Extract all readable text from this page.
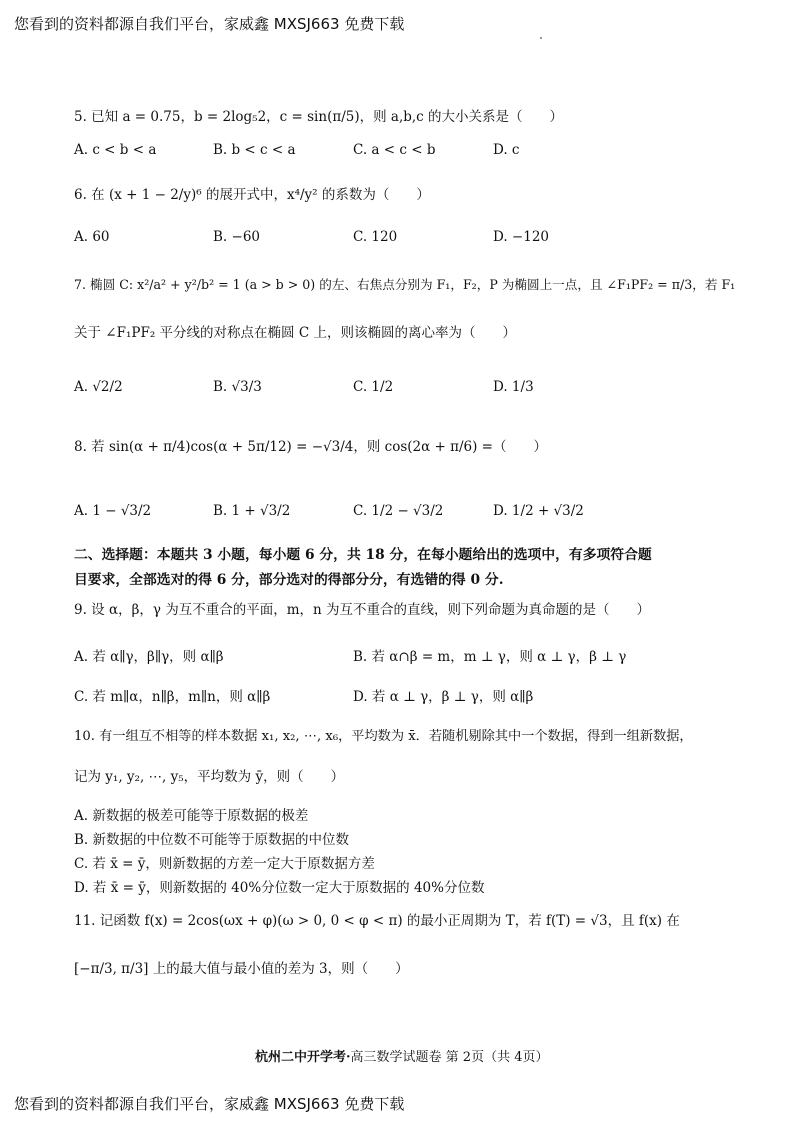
您看到的资料都源自我们平台，家威鑫 MXSJ663 免费下载
5. 已知 a = 0.75，b = 2log₅2，c = sin(π/5)，则 a,b,c 的大小关系是（　　）
A. c < b < a	B. b < c < a	C. a < c < b	D. c
6. 在 (x + 1 − 2/y)⁶ 的展开式中，x⁴/y² 的系数为（　　）
A. 60	B. −60	C. 120	D. −120
7. 椭圆 C: x²/a² + y²/b² = 1 (a > b > 0) 的左、右焦点分别为 F₁，F₂，P 为椭圆上一点，且 ∠F₁PF₂ = π/3，若 F₁
关于 ∠F₁PF₂ 平分线的对称点在椭圆 C 上，则该椭圆的离心率为（　　）
A. √2/2	B. √3/3	C. 1/2	D. 1/3
8. 若 sin(α + π/4)cos(α + 5π/12) = −√3/4，则 cos(2α + π/6) =（　　）
A. 1 − √3/2	B. 1 + √3/2	C. 1/2 − √3/2	D. 1/2 + √3/2
二、选择题：本题共 3 小题，每小题 6 分，共 18 分，在每小题给出的选项中，有多项符合题
目要求，全部选对的得 6 分，部分选对的得部分分，有选错的得 0 分.
9. 设 α，β，γ 为互不重合的平面，m，n 为互不重合的直线，则下列命题为真命题的是（　　）
A. 若 α∥γ，β∥γ，则 α∥β	B. 若 α∩β = m，m ⊥ γ，则 α ⊥ γ，β ⊥ γ
C. 若 m∥α，n∥β，m∥n，则 α∥β	D. 若 α ⊥ γ，β ⊥ γ，则 α∥β
10. 有一组互不相等的样本数据 x₁, x₂, ⋯, x₆，平均数为 x̄．若随机剔除其中一个数据，得到一组新数据，
记为 y₁, y₂, ⋯, y₅，平均数为 ȳ，则（　　）
A. 新数据的极差可能等于原数据的极差
B. 新数据的中位数不可能等于原数据的中位数
C. 若 x̄ = ȳ，则新数据的方差一定大于原数据方差
D. 若 x̄ = ȳ，则新数据的 40%分位数一定大于原数据的 40%分位数
11. 记函数 f(x) = 2cos(ωx + φ)(ω > 0, 0 < φ < π) 的最小正周期为 T，若 f(T) = √3，且 f(x) 在
[−π/3, π/3] 上的最大值与最小值的差为 3，则（　　）
杭州二中开学考·高三数学试题卷 第 2页（共 4页）
您看到的资料都源自我们平台，家威鑫 MXSJ663 免费下载
